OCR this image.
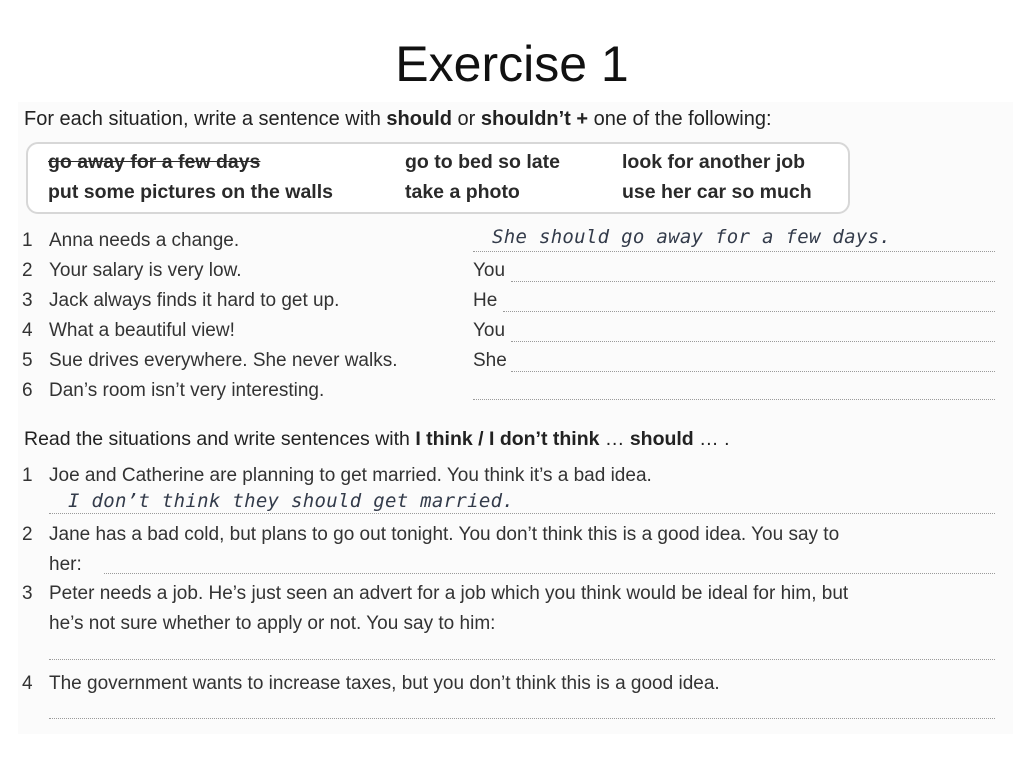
Exercise 1
For each situation, write a sentence with should or shouldn’t + one of the following:
go away for a few days	go to bed so late	look for another job
put some pictures on the walls	take a photo	use her car so much
1 Anna needs a change.	She should go away for a few days.
2 Your salary is very low.	You
3 Jack always finds it hard to get up.	He
4 What a beautiful view!	You
5 Sue drives everywhere. She never walks.	She
6 Dan’s room isn’t very interesting.
Read the situations and write sentences with I think / I don’t think … should … .
1 Joe and Catherine are planning to get married. You think it’s a bad idea.
I don’t think they should get married.
2 Jane has a bad cold, but plans to go out tonight. You don’t think this is a good idea. You say to
her:
3 Peter needs a job. He’s just seen an advert for a job which you think would be ideal for him, but
he’s not sure whether to apply or not. You say to him:
4 The government wants to increase taxes, but you don’t think this is a good idea.
